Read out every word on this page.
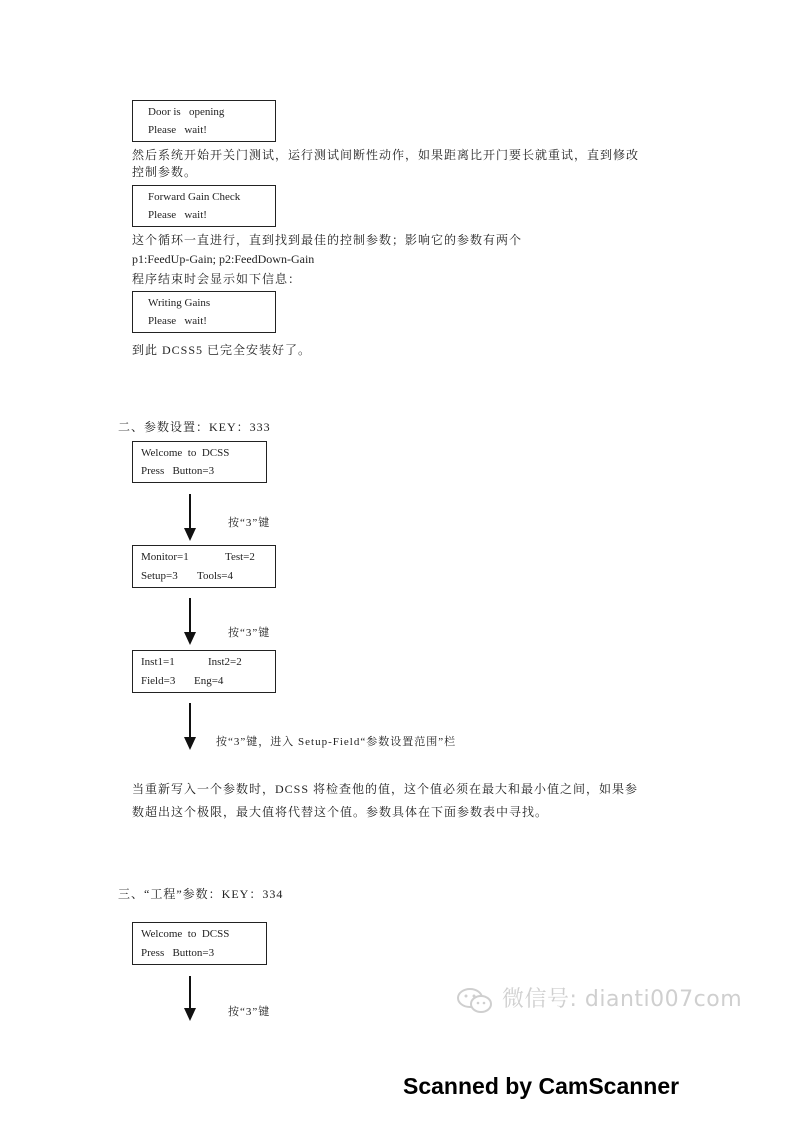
Door is   opening
Please   wait!
然后系统开始开关门测试，运行测试间断性动作，如果距离比开门要长就重试，直到修改
控制参数。
Forward Gain Check
Please   wait!
这个循环一直进行，直到找到最佳的控制参数；影响它的参数有两个
p1:FeedUp-Gain; p2:FeedDown-Gain
程序结束时会显示如下信息：
Writing Gains
Please   wait!
到此 DCSS5 已完全安装好了。
二、参数设置：KEY：333
Welcome  to  DCSS
Press   Button=3
按“3”键
Monitor=1	Test=2
Setup=3 Tools=4
按“3”键
Inst1=1	Inst2=2
Field=3 Eng=4
按“3”键，进入 Setup-Field“参数设置范围”栏
当重新写入一个参数时，DCSS 将检查他的值，这个值必须在最大和最小值之间，如果参
数超出这个极限，最大值将代替这个值。参数具体在下面参数表中寻找。
三、“工程”参数：KEY：334
Welcome  to  DCSS
Press   Button=3
按“3”键	微信号: dianti007com
Scanned by CamScanner
